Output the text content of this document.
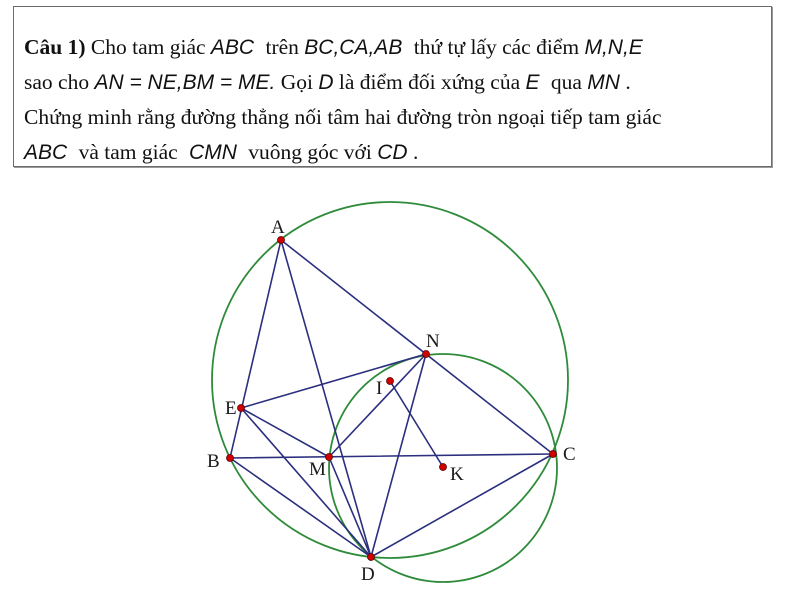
Câu 1) Cho tam giác ABC trên BC,CA,AB thứ tự lấy các điểm M,N,E
sao cho AN = NE,BM = ME. Gọi D là điểm đối xứng của E qua MN .
Chứng minh rằng đường thẳng nối tâm hai đường tròn ngoại tiếp tam giác
ABC và tam giác CMN vuông góc với CD .
A
B	C
M
N
E
D
I
K
